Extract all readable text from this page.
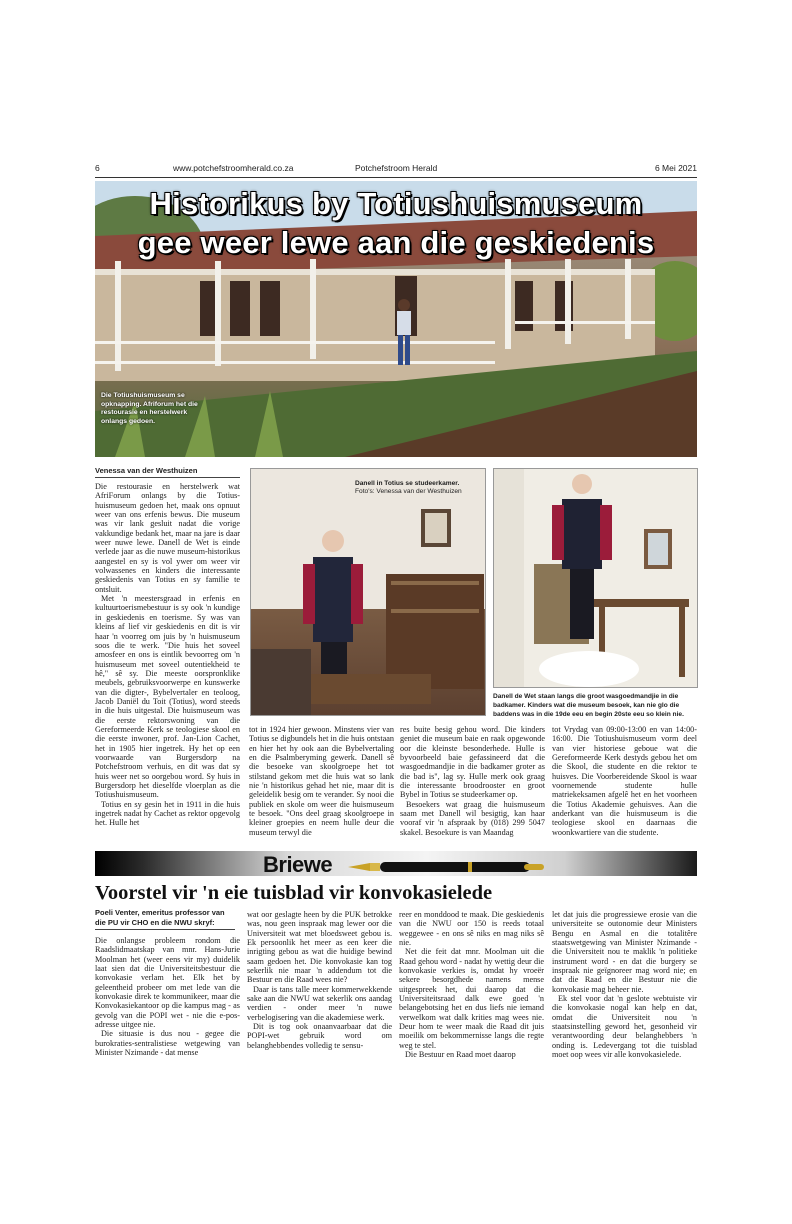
6	www.potchefstroomherald.co.za	Potchefstroom Herald	6 Mei 2021
Historikus by Totiushuismuseum
gee weer lewe aan die geskiedenis
Die Totiushuismuseum se opknapping. Afriforum het die restourasie en herstelwerk onlangs gedoen.
Venessa van der Westhuizen

Die restourasie en herstelwerk wat AfriForum onlangs by die Totius-huismuseum gedoen het, maak ons opnuut weer van ons erfenis bewus. Die museum was vir lank gesluit nadat die vorige vakkundige bedank het, maar na jare is daar weer nuwe lewe. Danell de Wet is einde verlede jaar as die nuwe museum-historikus aangestel en sy is vol ywer om weer vir volwassenes en kinders die interessante geskiedenis van Totius en sy familie te ontsluit.

Met 'n meestersgraad in erfenis en kultuurtoerismebestuur is sy ook 'n kundige in geskiedenis en toerisme. Sy was van kleins af lief vir geskiedenis en dit is vir haar 'n voorreg om juis by 'n huismuseum soos die te werk. "Die huis het soveel amosfeer en ons is eintlik bevoorreg om 'n huismuseum met soveel outentiekheid te hê," sê sy. Die meeste oorspronklike meubels, gebruiksvoorwerpe en kunswerke van die digter-, Bybelvertaler en teoloog, Jacob Daniël du Toit (Totius), word steeds in die huis uitgestal. Die huismuseum was die eerste rektorswoning van die Gereformeerde Kerk se teologiese skool en die eerste inwoner, prof. Jan-Lion Cachet, het in 1905 hier ingetrek. Hy het op een voorwaarde van Burgersdorp na Potchefstroom verhuis, en dit was dat sy huis weer net so oorgebou word. Sy huis in Burgersdorp het dieselfde vloerplan as die Totiushuismuseum.

Totius en sy gesin het in 1911 in die huis ingetrek nadat hy Cachet as rektor opgevolg het. Hulle het

Danell in Totius se studeerkamer. Foto's: Venessa van der Westhuizen
Danell de Wet staan langs die groot wasgoedmandjie in die badkamer. Kinders wat die museum besoek, kan nie glo die baddens was in die 19de eeu en begin 20ste eeu so klein nie.

tot in 1924 hier gewoon. Minstens vier van Totius se digbundels het in die huis ontstaan en hier het hy ook aan die Bybelvertaling en die Psalmberyming gewerk. Danell sê die besoeke van skoolgroepe het tot stilstand gekom met die huis wat so lank nie 'n historikus gehad het nie, maar dit is geleidelik besig om te verander. Sy nooi die publiek en skole om weer die huismuseum te besoek. "Ons deel graag skoolgroepe in kleiner groepies en neem hulle deur die museum terwyl die

res buite besig gehou word. Die kinders geniet die museum baie en raak opgewonde oor die kleinste besonderhede. Hulle is byvoorbeeld baie gefassineerd dat die wasgoedmandjie in die badkamer groter as die bad is", lag sy. Hulle merk ook graag die interessante broodrooster en groot Bybel in Totius se studeerkamer op.

Besoekers wat graag die huismuseum saam met Danell wil besigtig, kan haar vooraf vir 'n afspraak by (018) 299 5047 skakel. Besoekure is van Maandag

tot Vrydag van 09:00-13:00 en van 14:00-16:00. Die Totiushuismuseum vorm deel van vier historiese geboue wat die Gereformeerde Kerk destyds gebou het om die Skool, die studente en die rektor te huisves. Die Voorbereidende Skool is waar voornemende studente hulle matriekeksamen afgelê het en het voorheen die Totius Akademie gehuisves. Aan die anderkant van die huismuseum is die teologiese skool en daarnaas die woonkwartiere van die studente.

Briewe
Voorstel vir 'n eie tuisblad vir konvokasielede
Poeli Venter, emeritus professor van die PU vir CHO en die NWU skryf:

Die onlangse probleem rondom die Raadslidmaatskap van mnr. Hans-Jurie Moolman het (weer eens vir my) duidelik laat sien dat die Universiteitsbestuur die konvokasie verlam het. Elk het by geleentheid probeer om met lede van die konvokasie direk te kommunikeer, maar die Konvokasiekantoor op die kampus mag - as gevolg van die POPI wet - nie die e-pos-adresse uitgee nie.

Die situasie is dus nou - gegee die burokraties-sentralistiese wetgewing van Minister Nzimande - dat mense

wat oor geslagte heen by die PUK betrokke was, nou geen inspraak mag lewer oor die Universiteit wat met bloedsweet gebou is. Ek persoonlik het meer as een keer die inrigting gebou as wat die huidige bewind saam gedoen het. Die konvokasie kan tog sekerlik nie maar 'n addendum tot die Bestuur en die Raad wees nie?

Daar is tans talle meer kommerwekkende sake aan die NWU wat sekerlik ons aandag verdien - onder meer 'n nuwe verbelogisering van die akademiese werk.

Dit is tog ook onaanvaarbaar dat die POPI-wet gebruik word om belanghebbendes volledig te sensu-

reer en monddood te maak. Die geskiedenis van die NWU oor 150 is reeds totaal weggewee - en ons sê niks en mag niks sê nie.

Net die feit dat mnr. Moolman uit die Raad gehou word - nadat hy wettig deur die konvokasie verkies is, omdat hy vroeër sekere besorgdhede namens mense uitgespreek het, dui daarop dat die Universiteitsraad dalk ewe goed 'n belangebotsing het en dus liefs nie iemand verwelkom wat dalk krities mag wees nie. Deur hom te weer maak die Raad dit juis moeilik om bekommernisse langs die regte weg te stel.

Die Bestuur en Raad moet daarop

let dat juis die progressiewe erosie van die universiteite se outonomie deur Ministers Bengu en Asmal en die totalitêre staatswetgewing van Minister Nzimande - die Universiteit nou te maklik 'n politieke instrument word - en dat die burgery se inspraak nie geïgnoreer mag word nie; en dat die Raad en die Bestuur nie die konvokasie mag beheer nie.

Ek stel voor dat 'n geslote webtuiste vir die konvokasie nogal kan help en dat, omdat die Universiteit nou 'n staatsinstelling geword het, gesonheid vir verantwoording deur belanghebbers 'n onding is. Ledevergang tot die tuisblad moet oop wees vir alle konvokasielede.
